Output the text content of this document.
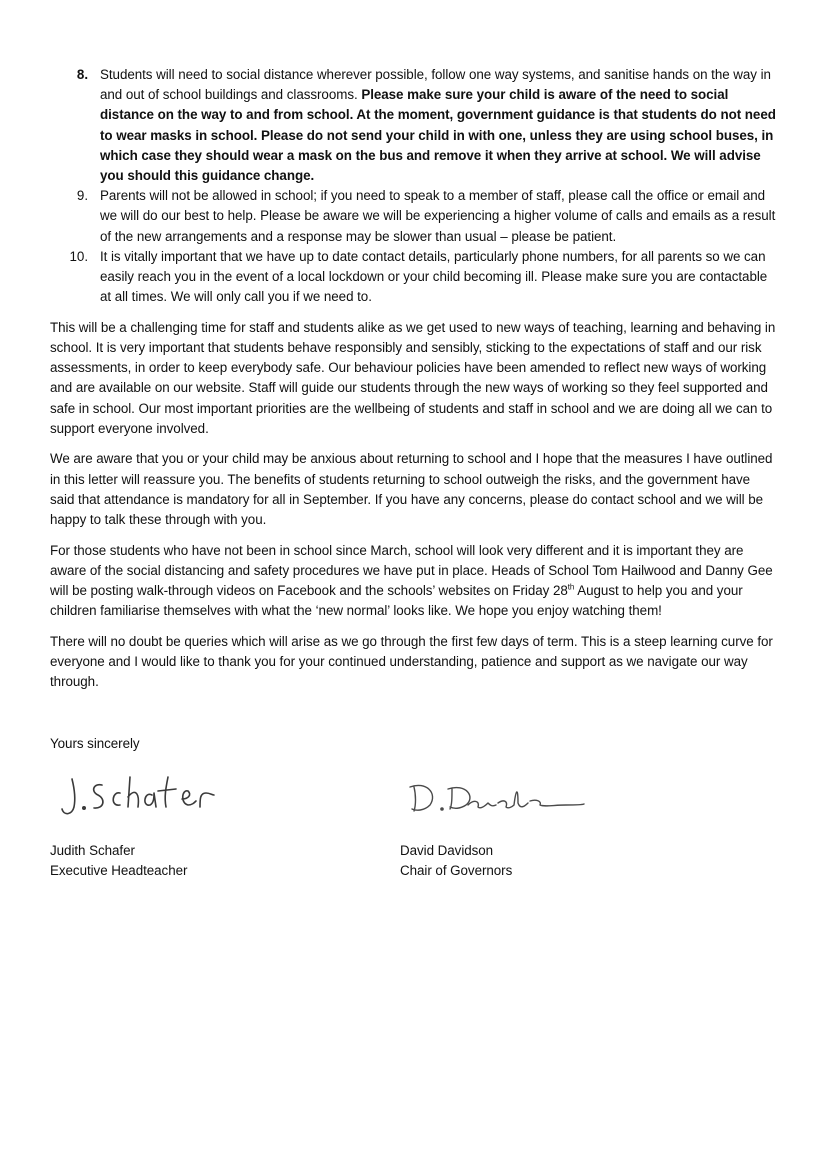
8. Students will need to social distance wherever possible, follow one way systems, and sanitise hands on the way in and out of school buildings and classrooms. Please make sure your child is aware of the need to social distance on the way to and from school. At the moment, government guidance is that students do not need to wear masks in school. Please do not send your child in with one, unless they are using school buses, in which case they should wear a mask on the bus and remove it when they arrive at school. We will advise you should this guidance change.
9. Parents will not be allowed in school; if you need to speak to a member of staff, please call the office or email and we will do our best to help. Please be aware we will be experiencing a higher volume of calls and emails as a result of the new arrangements and a response may be slower than usual – please be patient.
10. It is vitally important that we have up to date contact details, particularly phone numbers, for all parents so we can easily reach you in the event of a local lockdown or your child becoming ill. Please make sure you are contactable at all times. We will only call you if we need to.

This will be a challenging time for staff and students alike as we get used to new ways of teaching, learning and behaving in school. It is very important that students behave responsibly and sensibly, sticking to the expectations of staff and our risk assessments, in order to keep everybody safe. Our behaviour policies have been amended to reflect new ways of working and are available on our website. Staff will guide our students through the new ways of working so they feel supported and safe in school. Our most important priorities are the wellbeing of students and staff in school and we are doing all we can to support everyone involved.

We are aware that you or your child may be anxious about returning to school and I hope that the measures I have outlined in this letter will reassure you. The benefits of students returning to school outweigh the risks, and the government have said that attendance is mandatory for all in September. If you have any concerns, please do contact school and we will be happy to talk these through with you.

For those students who have not been in school since March, school will look very different and it is important they are aware of the social distancing and safety procedures we have put in place. Heads of School Tom Hailwood and Danny Gee will be posting walk-through videos on Facebook and the schools’ websites on Friday 28th August to help you and your children familiarise themselves with what the ‘new normal’ looks like. We hope you enjoy watching them!

There will no doubt be queries which will arise as we go through the first few days of term. This is a steep learning curve for everyone and I would like to thank you for your continued understanding, patience and support as we navigate our way through.

Yours sincerely
Judith Schafer
Executive Headteacher
David Davidson
Chair of Governors
